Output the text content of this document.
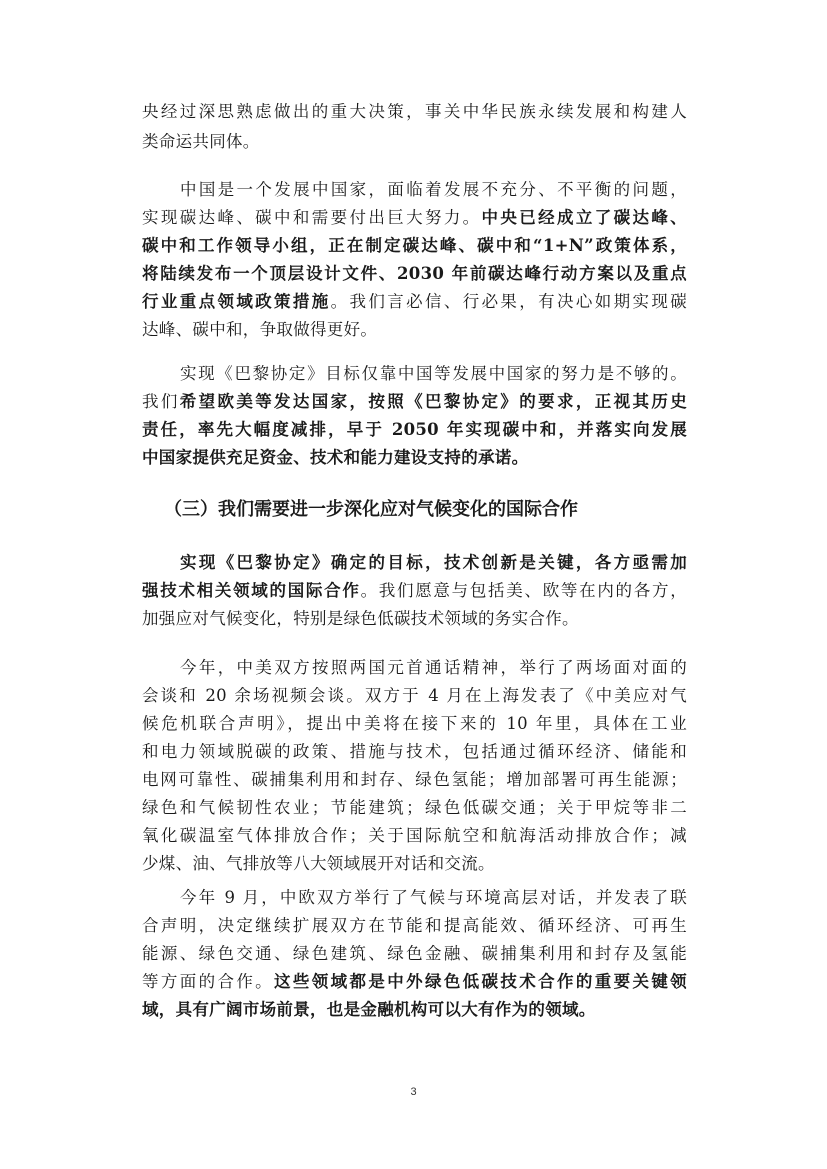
央经过深思熟虑做出的重大决策，事关中华民族永续发展和构建人
类命运共同体。
中国是一个发展中国家，面临着发展不充分、不平衡的问题，
实现碳达峰、碳中和需要付出巨大努力。中央已经成立了碳达峰、
碳中和工作领导小组，正在制定碳达峰、碳中和“1+N”政策体系，
将陆续发布一个顶层设计文件、2030 年前碳达峰行动方案以及重点
行业重点领域政策措施。我们言必信、行必果，有决心如期实现碳
达峰、碳中和，争取做得更好。
实现《巴黎协定》目标仅靠中国等发展中国家的努力是不够的。
我们希望欧美等发达国家，按照《巴黎协定》的要求，正视其历史
责任，率先大幅度减排，早于 2050 年实现碳中和，并落实向发展
中国家提供充足资金、技术和能力建设支持的承诺。
（三）我们需要进一步深化应对气候变化的国际合作
实现《巴黎协定》确定的目标，技术创新是关键，各方亟需加
强技术相关领域的国际合作。我们愿意与包括美、欧等在内的各方，
加强应对气候变化，特别是绿色低碳技术领域的务实合作。
今年，中美双方按照两国元首通话精神，举行了两场面对面的
会谈和 20 余场视频会谈。双方于 4 月在上海发表了《中美应对气
候危机联合声明》，提出中美将在接下来的 10 年里，具体在工业
和电力领域脱碳的政策、措施与技术，包括通过循环经济、储能和
电网可靠性、碳捕集利用和封存、绿色氢能；增加部署可再生能源；
绿色和气候韧性农业；节能建筑；绿色低碳交通；关于甲烷等非二
氧化碳温室气体排放合作；关于国际航空和航海活动排放合作；减
少煤、油、气排放等八大领域展开对话和交流。
今年 9 月，中欧双方举行了气候与环境高层对话，并发表了联
合声明，决定继续扩展双方在节能和提高能效、循环经济、可再生
能源、绿色交通、绿色建筑、绿色金融、碳捕集利用和封存及氢能
等方面的合作。这些领域都是中外绿色低碳技术合作的重要关键领
域，具有广阔市场前景，也是金融机构可以大有作为的领域。
3
